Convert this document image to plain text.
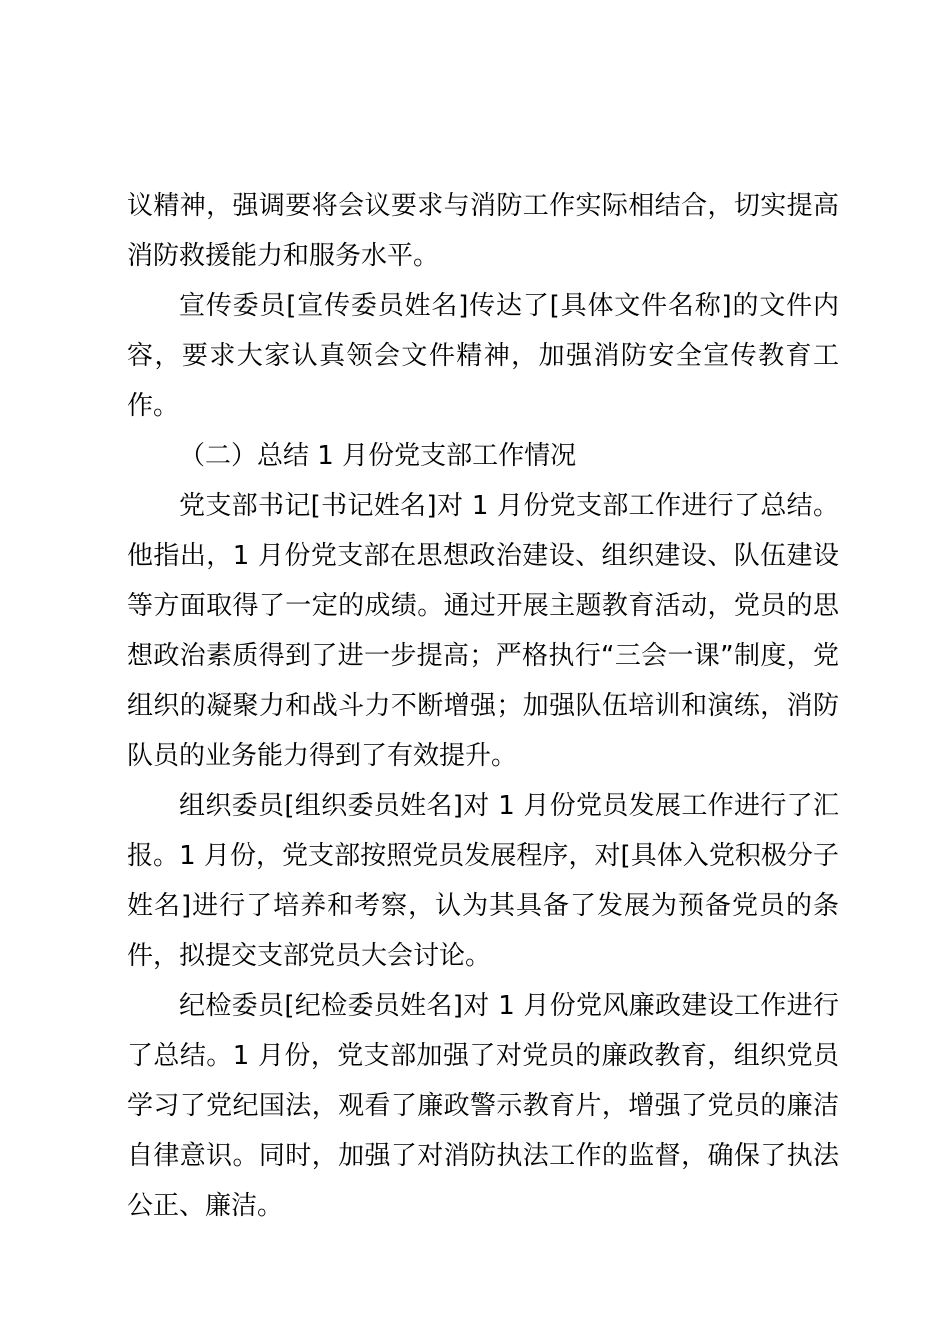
议精神，强调要将会议要求与消防工作实际相结合，切实提高消防救援能力和服务水平。

宣传委员[宣传委员姓名]传达了[具体文件名称]的文件内容，要求大家认真领会文件精神，加强消防安全宣传教育工作。

（二）总结 1 月份党支部工作情况

党支部书记[书记姓名]对 1 月份党支部工作进行了总结。他指出，1 月份党支部在思想政治建设、组织建设、队伍建设等方面取得了一定的成绩。通过开展主题教育活动，党员的思想政治素质得到了进一步提高；严格执行“三会一课”制度，党组织的凝聚力和战斗力不断增强；加强队伍培训和演练，消防队员的业务能力得到了有效提升。

组织委员[组织委员姓名]对 1 月份党员发展工作进行了汇报。1 月份，党支部按照党员发展程序，对[具体入党积极分子姓名]进行了培养和考察，认为其具备了发展为预备党员的条件，拟提交支部党员大会讨论。

纪检委员[纪检委员姓名]对 1 月份党风廉政建设工作进行了总结。1 月份，党支部加强了对党员的廉政教育，组织党员学习了党纪国法，观看了廉政警示教育片，增强了党员的廉洁自律意识。同时，加强了对消防执法工作的监督，确保了执法公正、廉洁。
